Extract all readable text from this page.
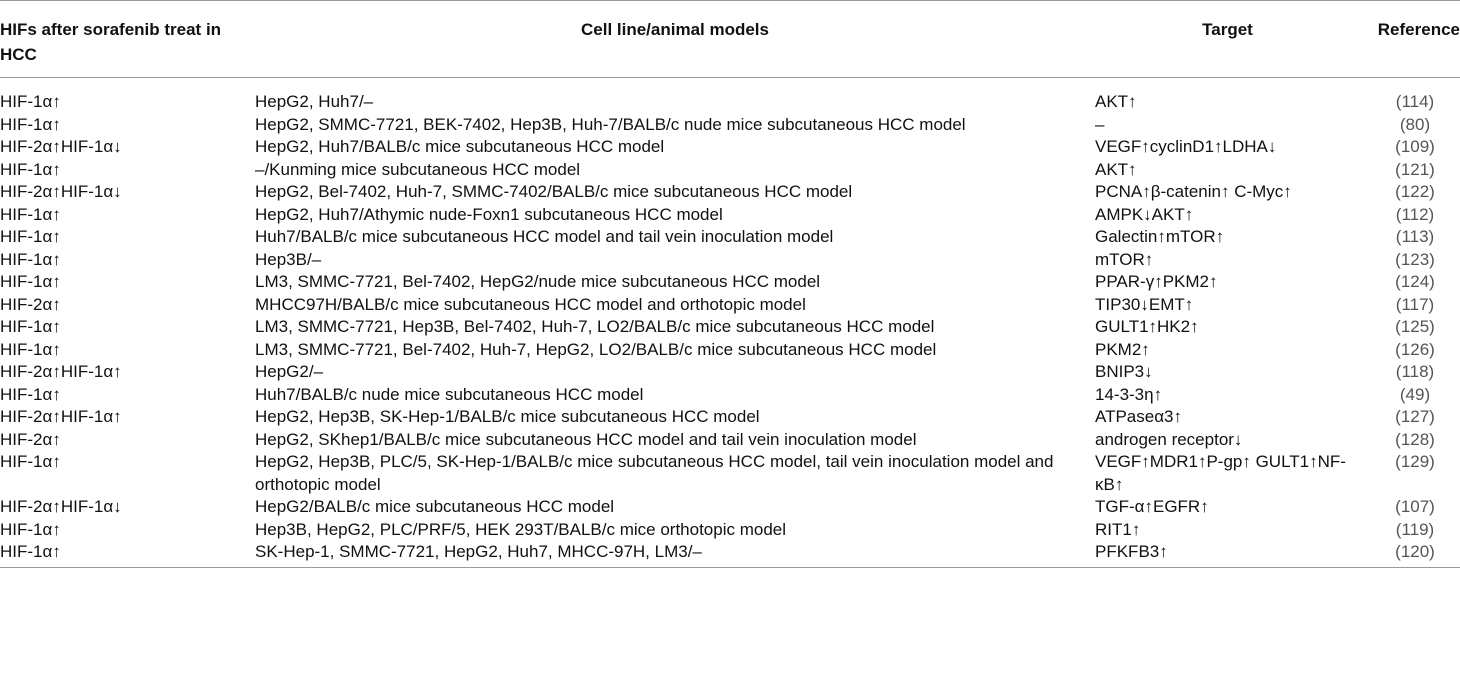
HIFs after sorafenib treat in HCC	Cell line/animal models	Target	Reference
HIF-1α↑	HepG2, Huh7/–	AKT↑	(114)
HIF-1α↑	HepG2, SMMC-7721, BEK-7402, Hep3B, Huh-7/BALB/c nude mice subcutaneous HCC model	–	(80)
HIF-2α↑HIF-1α↓	HepG2, Huh7/BALB/c mice subcutaneous HCC model	VEGF↑cyclinD1↑LDHA↓	(109)
HIF-1α↑	–/Kunming mice subcutaneous HCC model	AKT↑	(121)
HIF-2α↑HIF-1α↓	HepG2, Bel-7402, Huh-7, SMMC-7402/BALB/c mice subcutaneous HCC model	PCNA↑β-catenin↑ C-Myc↑	(122)
HIF-1α↑	HepG2, Huh7/Athymic nude-Foxn1 subcutaneous HCC model	AMPK↓AKT↑	(112)
HIF-1α↑	Huh7/BALB/c mice subcutaneous HCC model and tail vein inoculation model	Galectin↑mTOR↑	(113)
HIF-1α↑	Hep3B/–	mTOR↑	(123)
HIF-1α↑	LM3, SMMC-7721, Bel-7402, HepG2/nude mice subcutaneous HCC model	PPAR-γ↑PKM2↑	(124)
HIF-2α↑	MHCC97H/BALB/c mice subcutaneous HCC model and orthotopic model	TIP30↓EMT↑	(117)
HIF-1α↑	LM3, SMMC-7721, Hep3B, Bel-7402, Huh-7, LO2/BALB/c mice subcutaneous HCC model	GULT1↑HK2↑	(125)
HIF-1α↑	LM3, SMMC-7721, Bel-7402, Huh-7, HepG2, LO2/BALB/c mice subcutaneous HCC model	PKM2↑	(126)
HIF-2α↑HIF-1α↑	HepG2/–	BNIP3↓	(118)
HIF-1α↑	Huh7/BALB/c nude mice subcutaneous HCC model	14-3-3η↑	(49)
HIF-2α↑HIF-1α↑	HepG2, Hep3B, SK-Hep-1/BALB/c mice subcutaneous HCC model	ATPaseα3↑	(127)
HIF-2α↑	HepG2, SKhep1/BALB/c mice subcutaneous HCC model and tail vein inoculation model	androgen receptor↓	(128)
HIF-1α↑	HepG2, Hep3B, PLC/5, SK-Hep-1/BALB/c mice subcutaneous HCC model, tail vein inoculation model and orthotopic model	VEGF↑MDR1↑P-gp↑ GULT1↑NF-κB↑	(129)
HIF-2α↑HIF-1α↓	HepG2/BALB/c mice subcutaneous HCC model	TGF-α↑EGFR↑	(107)
HIF-1α↑	Hep3B, HepG2, PLC/PRF/5, HEK 293T/BALB/c mice orthotopic model	RIT1↑	(119)
HIF-1α↑	SK-Hep-1, SMMC-7721, HepG2, Huh7, MHCC-97H, LM3/–	PFKFB3↑	(120)
